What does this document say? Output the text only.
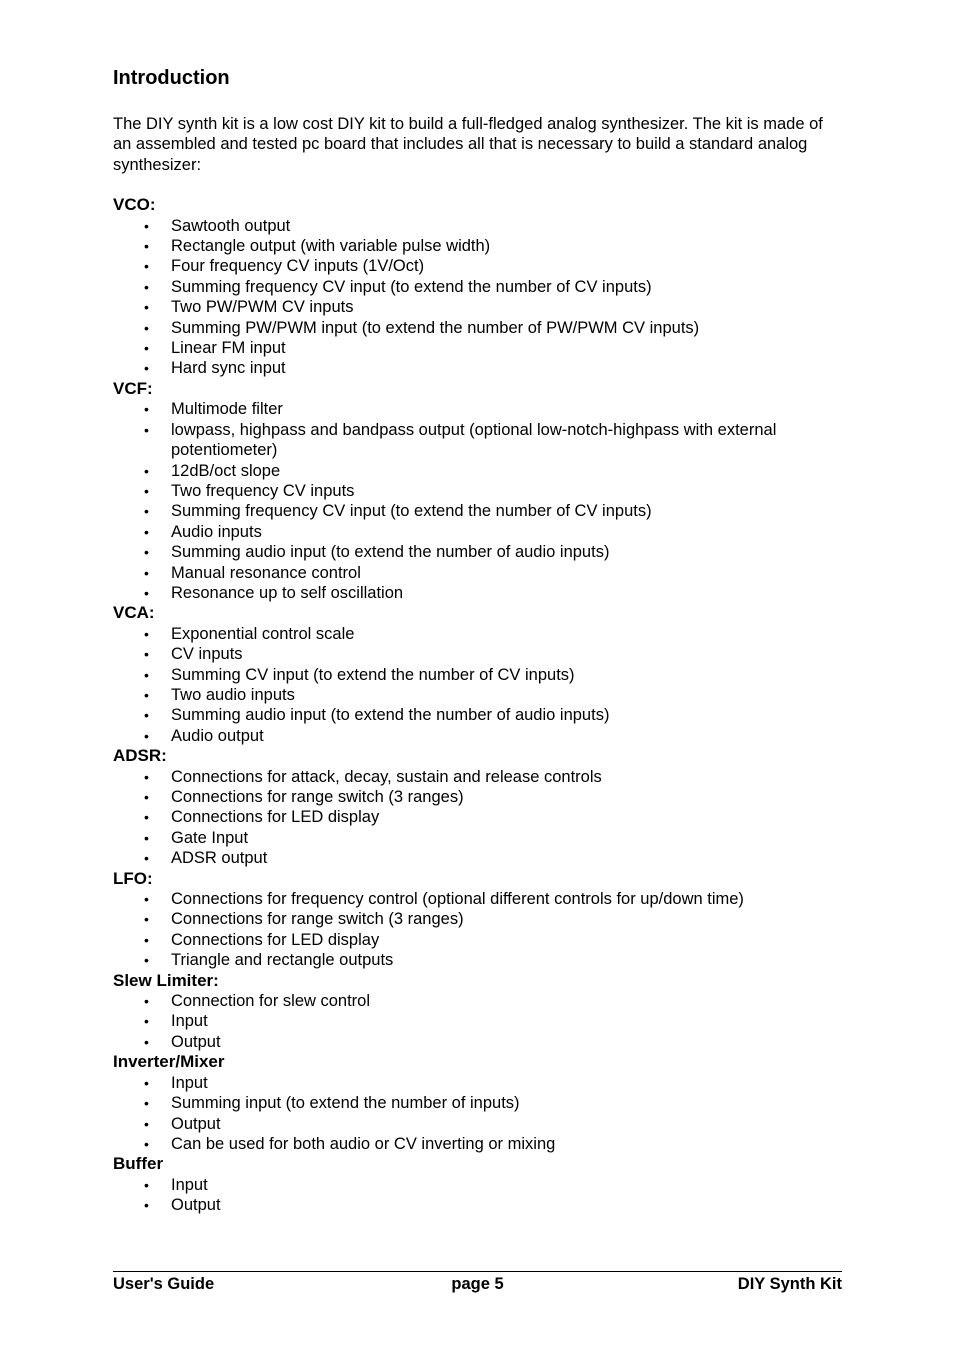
Introduction

The DIY synth kit is a low cost DIY kit to build a full-fledged analog synthesizer. The kit is made of an assembled and tested pc board that includes all that is necessary to build a standard analog synthesizer:

VCO:
• Sawtooth output
• Rectangle output (with variable pulse width)
• Four frequency CV inputs (1V/Oct)
• Summing frequency CV input (to extend the number of CV inputs)
• Two PW/PWM CV inputs
• Summing PW/PWM input (to extend the number of PW/PWM CV inputs)
• Linear FM input
• Hard sync input
VCF:
• Multimode filter
• lowpass, highpass and bandpass output (optional low-notch-highpass with external potentiometer)
• 12dB/oct slope
• Two frequency CV inputs
• Summing frequency CV input (to extend the number of CV inputs)
• Audio inputs
• Summing audio input (to extend the number of audio inputs)
• Manual resonance control
• Resonance up to self oscillation
VCA:
• Exponential control scale
• CV inputs
• Summing CV input (to extend the number of CV inputs)
• Two audio inputs
• Summing audio input (to extend the number of audio inputs)
• Audio output
ADSR:
• Connections for attack, decay, sustain and release controls
• Connections for range switch (3 ranges)
• Connections for LED display
• Gate Input
• ADSR output
LFO:
• Connections for frequency control (optional different controls for up/down time)
• Connections for range switch (3 ranges)
• Connections for LED display
• Triangle and rectangle outputs
Slew Limiter:
• Connection for slew control
• Input
• Output
Inverter/Mixer
• Input
• Summing input (to extend the number of inputs)
• Output
• Can be used for both audio or CV inverting or mixing
Buffer
• Input
• Output
User's Guide	page 5	DIY Synth Kit
